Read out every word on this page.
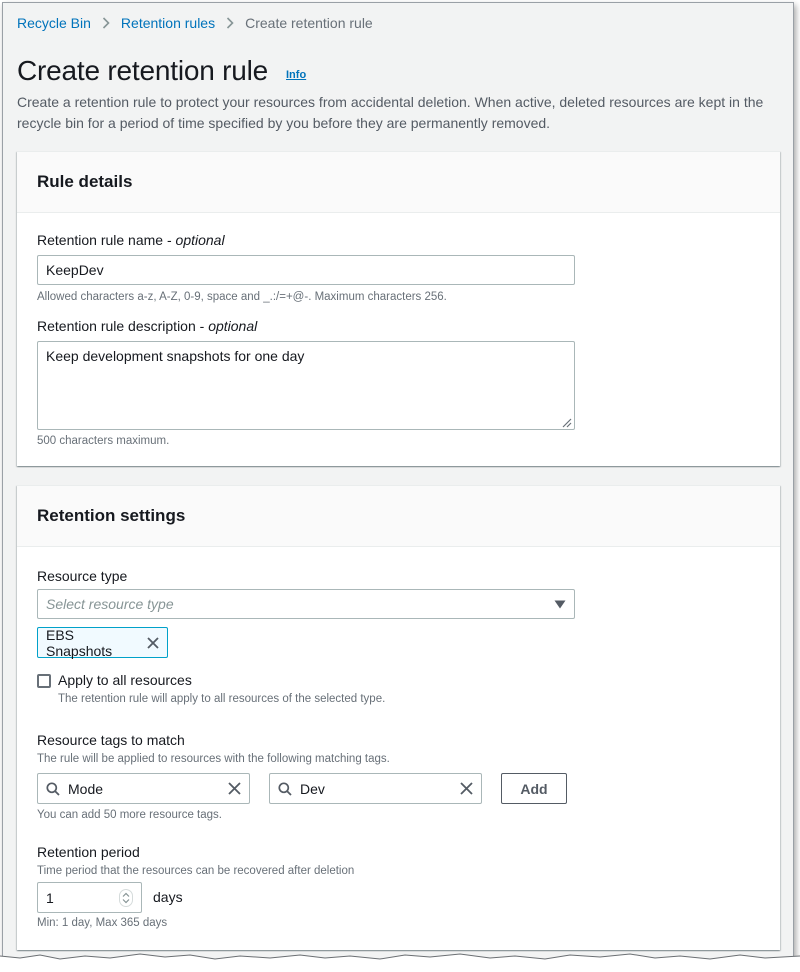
Recycle Bin Retention rules Create retention rule
Create retention rule Info

Create a retention rule to protect your resources from accidental deletion. When active, deleted resources are kept in the recycle bin for a period of time specified by you before they are permanently removed.

Rule details
Retention rule name - optional
KeepDev
Allowed characters a-z, A-Z, 0-9, space and _.:/=+@-. Maximum characters 256.
Retention rule description - optional
Keep development snapshots for one day
500 characters maximum.
Retention settings
Resource type
Select resource type
EBS Snapshots
Apply to all resources
The retention rule will apply to all resources of the selected type.
Resource tags to match
The rule will be applied to resources with the following matching tags.
Mode	Dev	Add
You can add 50 more resource tags.
Retention period
Time period that the resources can be recovered after deletion
1	days
Min: 1 day, Max 365 days
